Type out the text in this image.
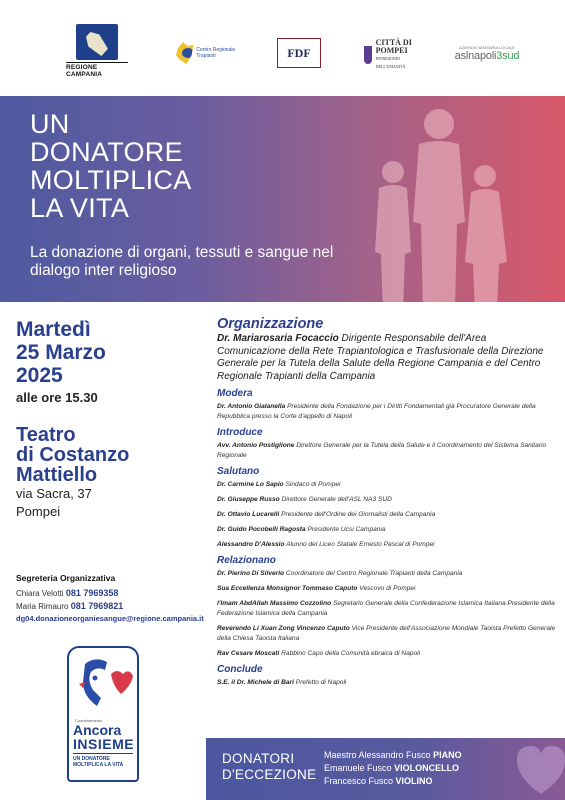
REGIONE CAMPANIA
Centro Regionale Trapianti	FDF
CITTÀ DI POMPEI
PATRIMONIO DELL'UMANITÀ
AZIENDA SANITARIA LOCALE
aslnapoli3sud
UN
DONATORE
MOLTIPLICA
LA VITA
La donazione di organi, tessuti e sangue nel dialogo inter religioso
Martedì
25 Marzo
2025
alle ore 15.30
Teatro
di Costanzo
Mattiello
via Sacra, 37
Pompei
Segreteria Organizzativa
Chiara Velotti 081 7969358
Maria Rimauro 081 7969821
dg04.donazioneorganiesangue@regione.campania.it
Coordinamento
Ancora
INSIEME
UN DONATORE MOLTIPLICA LA VITA
Organizzazione
Dr. Mariarosaria Focaccio Dirigente Responsabile dell'Area Comunicazione della Rete Trapiantologica e Trasfusionale della Direzione Generale per la Tutela della Salute della Regione Campania e del Centro Regionale Trapianti della Campania
Modera
Dr. Antonio Gialanella Presidente della Fondazione per i Diritti Fondamentali già Procuratore Generale della Repubblica presso la Corte d'appello di Napoli
Introduce
Avv. Antonio Postiglione Direttore Generale per la Tutela della Salute e il Coordinamento del Sistema Sanitario Regionale
Salutano
Dr. Carmine Lo Sapio Sindaco di Pompei
Dr. Giuseppe Russo Direttore Generale dell'ASL NA3 SUD
Dr. Ottavio Lucarelli Presidente dell'Ordine dei Giornalisti della Campania
Dr. Guido Pocobelli Ragosta Presidente Ucsi Campania
Alessandro D'Alessio Alunno del Liceo Statale Ernesto Pascal di Pompei
Relazionano
Dr. Pierino Di Silverio Coordinatore del Centro Regionale Trapianti della Campania
Sua Eccellenza Monsignor Tommaso Caputo Vescovo di Pompei
l'Imam AbdAllah Massimo Cozzolino Segretario Generale della Confederazione Islamica Italiana Presidente della Federazione Islamica della Campania
Reverendo Li Xuan Zong Vincenzo Caputo Vice Presidente dell'Associazione Mondiale Taoista Prefetto Generale della Chiesa Taoista Italiana
Rav Cesare Moscati Rabbino Capo della Comunità ebraica di Napoli
Conclude
S.E. il Dr. Michele di Bari Prefetto di Napoli
DONATORI
D'ECCEZIONE
Maestro Alessandro Fusco PIANO
Emanuele Fusco VIOLONCELLO
Francesco Fusco VIOLINO
